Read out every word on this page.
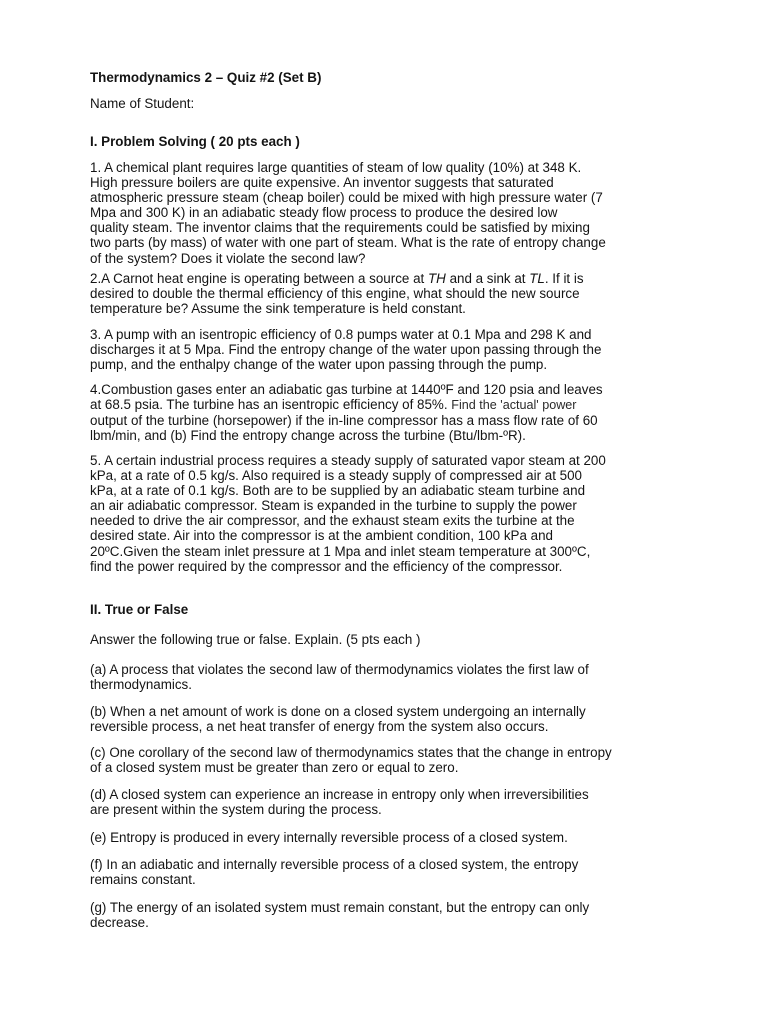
Thermodynamics 2 – Quiz #2 (Set B)
Name of Student:
I. Problem Solving ( 20 pts each )
1. A chemical plant requires large quantities of steam of low quality (10%) at 348 K.
High pressure boilers are quite expensive. An inventor suggests that saturated
atmospheric pressure steam (cheap boiler) could be mixed with high pressure water (7
Mpa and 300 K) in an adiabatic steady flow process to produce the desired low
quality steam. The inventor claims that the requirements could be satisfied by mixing
two parts (by mass) of water with one part of steam. What is the rate of entropy change
of the system? Does it violate the second law?
2.A Carnot heat engine is operating between a source at TH and a sink at TL. If it is
desired to double the thermal efficiency of this engine, what should the new source
temperature be? Assume the sink temperature is held constant.
3. A pump with an isentropic efficiency of 0.8 pumps water at 0.1 Mpa and 298 K and
discharges it at 5 Mpa. Find the entropy change of the water upon passing through the
pump, and the enthalpy change of the water upon passing through the pump.
4.Combustion gases enter an adiabatic gas turbine at 1440ºF and 120 psia and leaves
at 68.5 psia. The turbine has an isentropic efficiency of 85%. Find the 'actual' power
output of the turbine (horsepower) if the in-line compressor has a mass flow rate of 60
lbm/min, and (b) Find the entropy change across the turbine (Btu/lbm-ºR).
5. A certain industrial process requires a steady supply of saturated vapor steam at 200
kPa, at a rate of 0.5 kg/s. Also required is a steady supply of compressed air at 500
kPa, at a rate of 0.1 kg/s. Both are to be supplied by an adiabatic steam turbine and
an air adiabatic compressor. Steam is expanded in the turbine to supply the power
needed to drive the air compressor, and the exhaust steam exits the turbine at the
desired state. Air into the compressor is at the ambient condition, 100 kPa and
20ºC.Given the steam inlet pressure at 1 Mpa and inlet steam temperature at 300ºC,
find the power required by the compressor and the efficiency of the compressor.
II. True or False
Answer the following true or false. Explain. (5 pts each )
(a) A process that violates the second law of thermodynamics violates the first law of
thermodynamics.
(b) When a net amount of work is done on a closed system undergoing an internally
reversible process, a net heat transfer of energy from the system also occurs.
(c) One corollary of the second law of thermodynamics states that the change in entropy
of a closed system must be greater than zero or equal to zero.
(d) A closed system can experience an increase in entropy only when irreversibilities
are present within the system during the process.
(e) Entropy is produced in every internally reversible process of a closed system.
(f) In an adiabatic and internally reversible process of a closed system, the entropy
remains constant.
(g) The energy of an isolated system must remain constant, but the entropy can only
decrease.
